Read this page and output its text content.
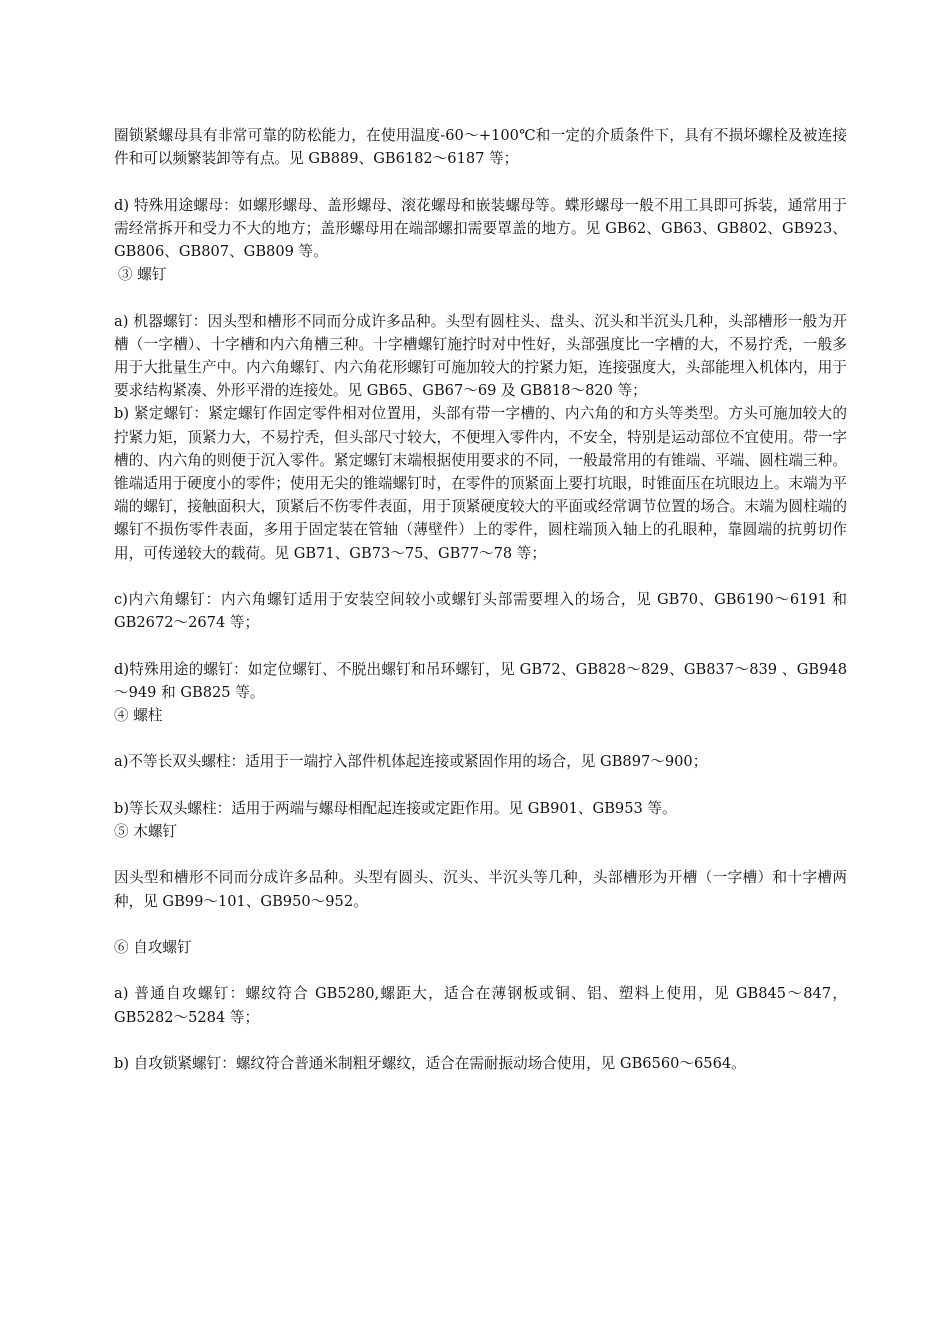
圈锁紧螺母具有非常可靠的防松能力，在使用温度-60～+100℃和一定的介质条件下，具有不损坏螺栓及被连接件和可以频繁装卸等有点。见 GB889、GB6182～6187 等；

d) 特殊用途螺母：如螺形螺母、盖形螺母、滚花螺母和嵌装螺母等。蝶形螺母一般不用工具即可拆装，通常用于需经常拆开和受力不大的地方；盖形螺母用在端部螺扣需要罩盖的地方。见 GB62、GB63、GB802、GB923、GB806、GB807、GB809 等。

③ 螺钉

a) 机器螺钉：因头型和槽形不同而分成许多品种。头型有圆柱头、盘头、沉头和半沉头几种，头部槽形一般为开槽（一字槽）、十字槽和内六角槽三种。十字槽螺钉施拧时对中性好，头部强度比一字槽的大，不易拧秃，一般多用于大批量生产中。内六角螺钉、内六角花形螺钉可施加较大的拧紧力矩，连接强度大，头部能埋入机体内，用于要求结构紧凑、外形平滑的连接处。见 GB65、GB67～69 及 GB818～820 等；

b) 紧定螺钉：紧定螺钉作固定零件相对位置用，头部有带一字槽的、内六角的和方头等类型。方头可施加较大的拧紧力矩，顶紧力大，不易拧秃，但头部尺寸较大，不便埋入零件内，不安全，特别是运动部位不宜使用。带一字槽的、内六角的则便于沉入零件。紧定螺钉末端根据使用要求的不同，一般最常用的有锥端、平端、圆柱端三种。锥端适用于硬度小的零件；使用无尖的锥端螺钉时，在零件的顶紧面上要打坑眼，时锥面压在坑眼边上。末端为平端的螺钉，接触面积大，顶紧后不伤零件表面，用于顶紧硬度较大的平面或经常调节位置的场合。末端为圆柱端的螺钉不损伤零件表面，多用于固定装在管轴（薄壁件）上的零件，圆柱端顶入轴上的孔眼种，靠圆端的抗剪切作用，可传递较大的载荷。见 GB71、GB73～75、GB77～78 等；

c)内六角螺钉：内六角螺钉适用于安装空间较小或螺钉头部需要埋入的场合，见 GB70、GB6190～6191 和 GB2672～2674 等；

d)特殊用途的螺钉：如定位螺钉、不脱出螺钉和吊环螺钉，见 GB72、GB828～829、GB837～839 、GB948～949 和 GB825 等。

④ 螺柱

a)不等长双头螺柱：适用于一端拧入部件机体起连接或紧固作用的场合，见 GB897～900；

b)等长双头螺柱：适用于两端与螺母相配起连接或定距作用。见 GB901、GB953 等。

⑤ 木螺钉

因头型和槽形不同而分成许多品种。头型有圆头、沉头、半沉头等几种，头部槽形为开槽（一字槽）和十字槽两种，见 GB99～101、GB950～952。

⑥ 自攻螺钉

a) 普通自攻螺钉：螺纹符合 GB5280,螺距大，适合在薄钢板或铜、铝、塑料上使用，见 GB845～847，GB5282～5284 等；

b) 自攻锁紧螺钉：螺纹符合普通米制粗牙螺纹，适合在需耐振动场合使用，见 GB6560～6564。
